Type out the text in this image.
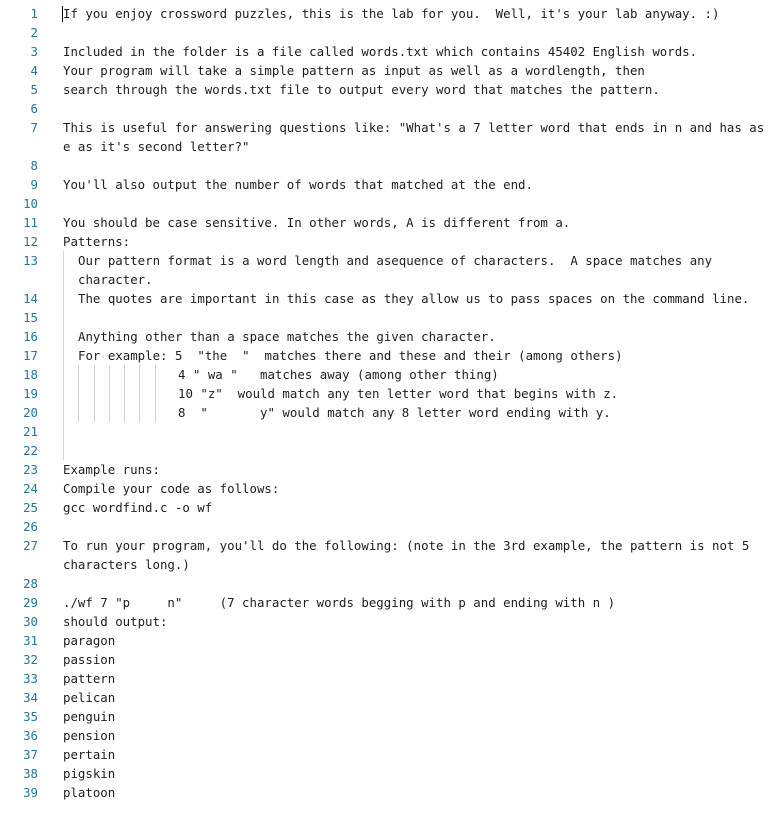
1 If you enjoy crossword puzzles, this is the lab for you.  Well, it's your lab anyway. :)
2
3 Included in the folder is a file called words.txt which contains 45402 English words.
4 Your program will take a simple pattern as input as well as a wordlength, then
5 search through the words.txt file to output every word that matches the pattern.
6
7 This is useful for answering questions like: "What's a 7 letter word that ends in n and has as e as it's second letter?"
8
9 You'll also output the number of words that matched at the end.
10
11 You should be case sensitive. In other words, A is different from a.
12 Patterns:
13	Our pattern format is a word length and asequence of characters.  A space matches any character.
14	The quotes are important in this case as they allow us to pass spaces on the command line.
15
16	Anything other than a space matches the given character.
17	For example: 5  "the  "  matches there and these and their (among others)
18	4 " wa "   matches away (among other thing)
19	10 "z"  would match any ten letter word that begins with z.
20	8  "       y" would match any 8 letter word ending with y.
21
22
23 Example runs:
24 Compile your code as follows:
25 gcc wordfind.c -o wf
26
27 To run your program, you'll do the following: (note in the 3rd example, the pattern is not 5 characters long.)
28
29 ./wf 7 "p     n"     (7 character words begging with p and ending with n )
30 should output:
31 paragon
32 passion
33 pattern
34 pelican
35 penguin
36 pension
37 pertain
38 pigskin
39 platoon
